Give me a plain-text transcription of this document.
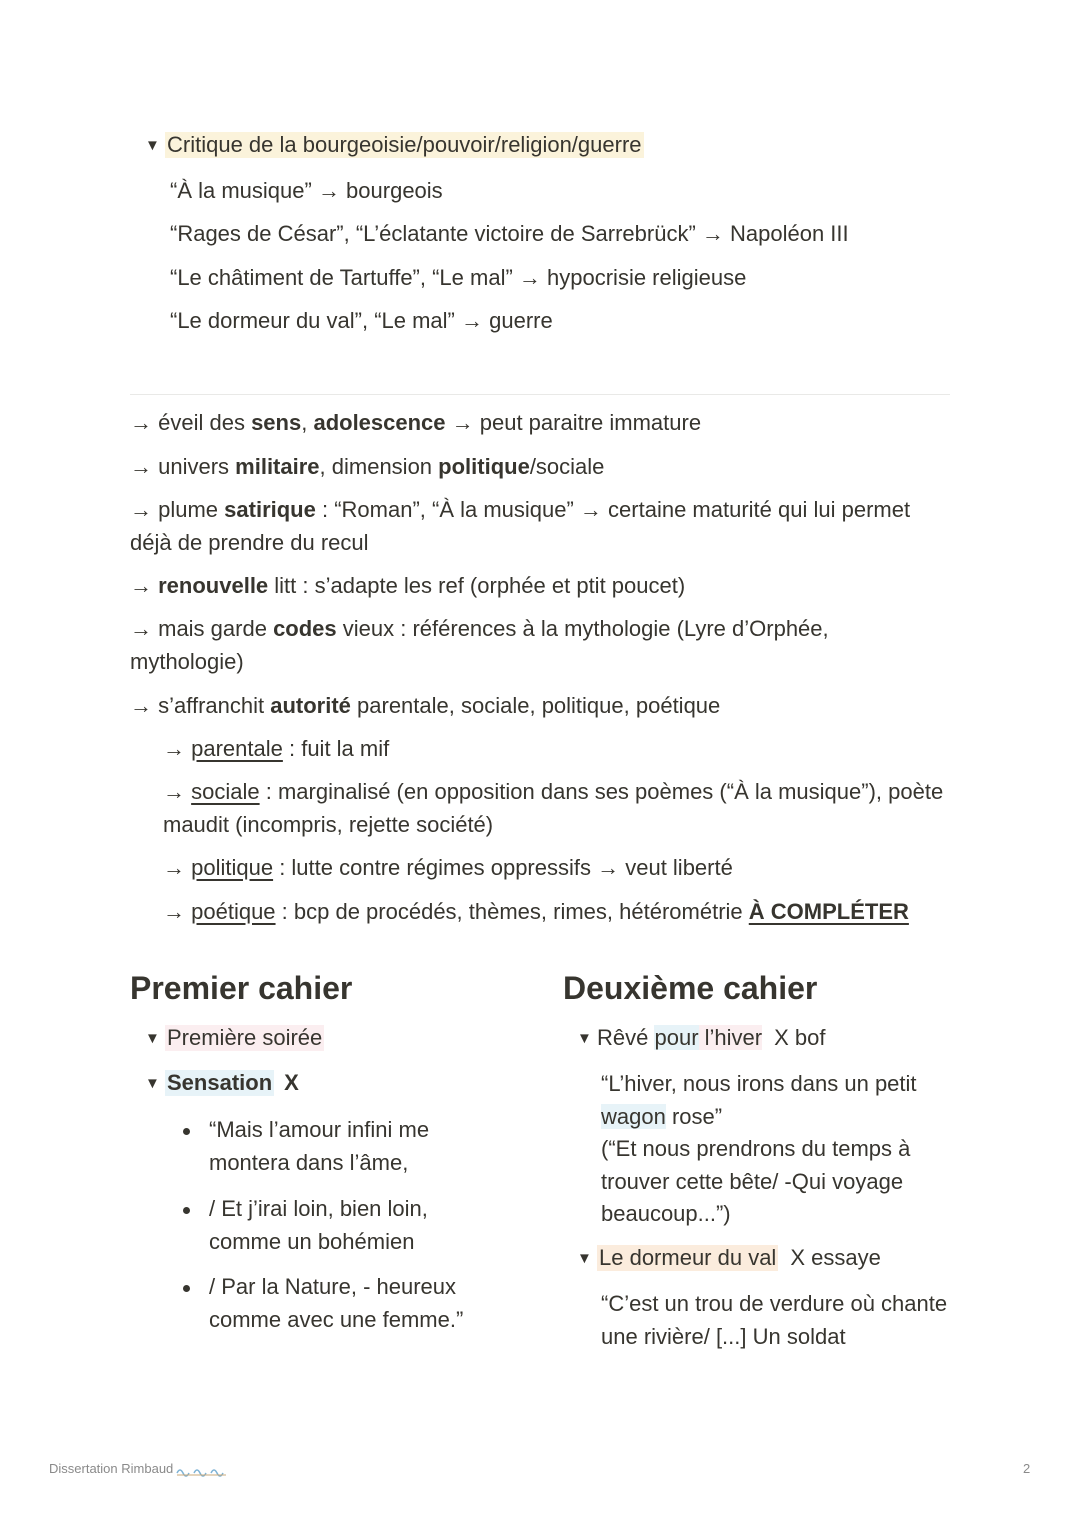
▼ Critique de la bourgeoisie/pouvoir/religion/guerre
“À la musique” → bourgeois
“Rages de César”, “L’éclatante victoire de Sarrebrück” → Napoléon III
“Le châtiment de Tartuffe”, “Le mal” → hypocrisie religieuse
“Le dormeur du val”, “Le mal” → guerre
→ éveil des sens, adolescence → peut paraitre immature
→ univers militaire, dimension politique/sociale
→ plume satirique : “Roman”, “À la musique” → certaine maturité qui lui permet déjà de prendre du recul
→ renouvelle litt : s’adapte les ref (orphée et ptit poucet)
→ mais garde codes vieux : références à la mythologie (Lyre d’Orphée, mythologie)
→ s’affranchit autorité parentale, sociale, politique, poétique
→ parentale : fuit la mif
→ sociale : marginalisé (en opposition dans ses poèmes (“À la musique”), poète maudit (incompris, rejette société)
→ politique : lutte contre régimes oppressifs → veut liberté
→ poétique : bcp de procédés, thèmes, rimes, hétérométrie À COMPLÉTER
Premier cahier
▼ Première soirée
▼ Sensation X
“Mais l’amour infini me montera dans l’âme,
/ Et j’irai loin, bien loin, comme un bohémien
/ Par la Nature, - heureux comme avec une femme.”
Deuxième cahier
▼ Rêvé pour l’hiver X bof
“L’hiver, nous irons dans un petit wagon rose”
(“Et nous prendrons du temps à trouver cette bête/ -Qui voyage beaucoup...”)
▼ Le dormeur du val X essaye
“C’est un trou de verdure où chante une rivière/ [...] Un soldat
Dissertation Rimbaud	2
